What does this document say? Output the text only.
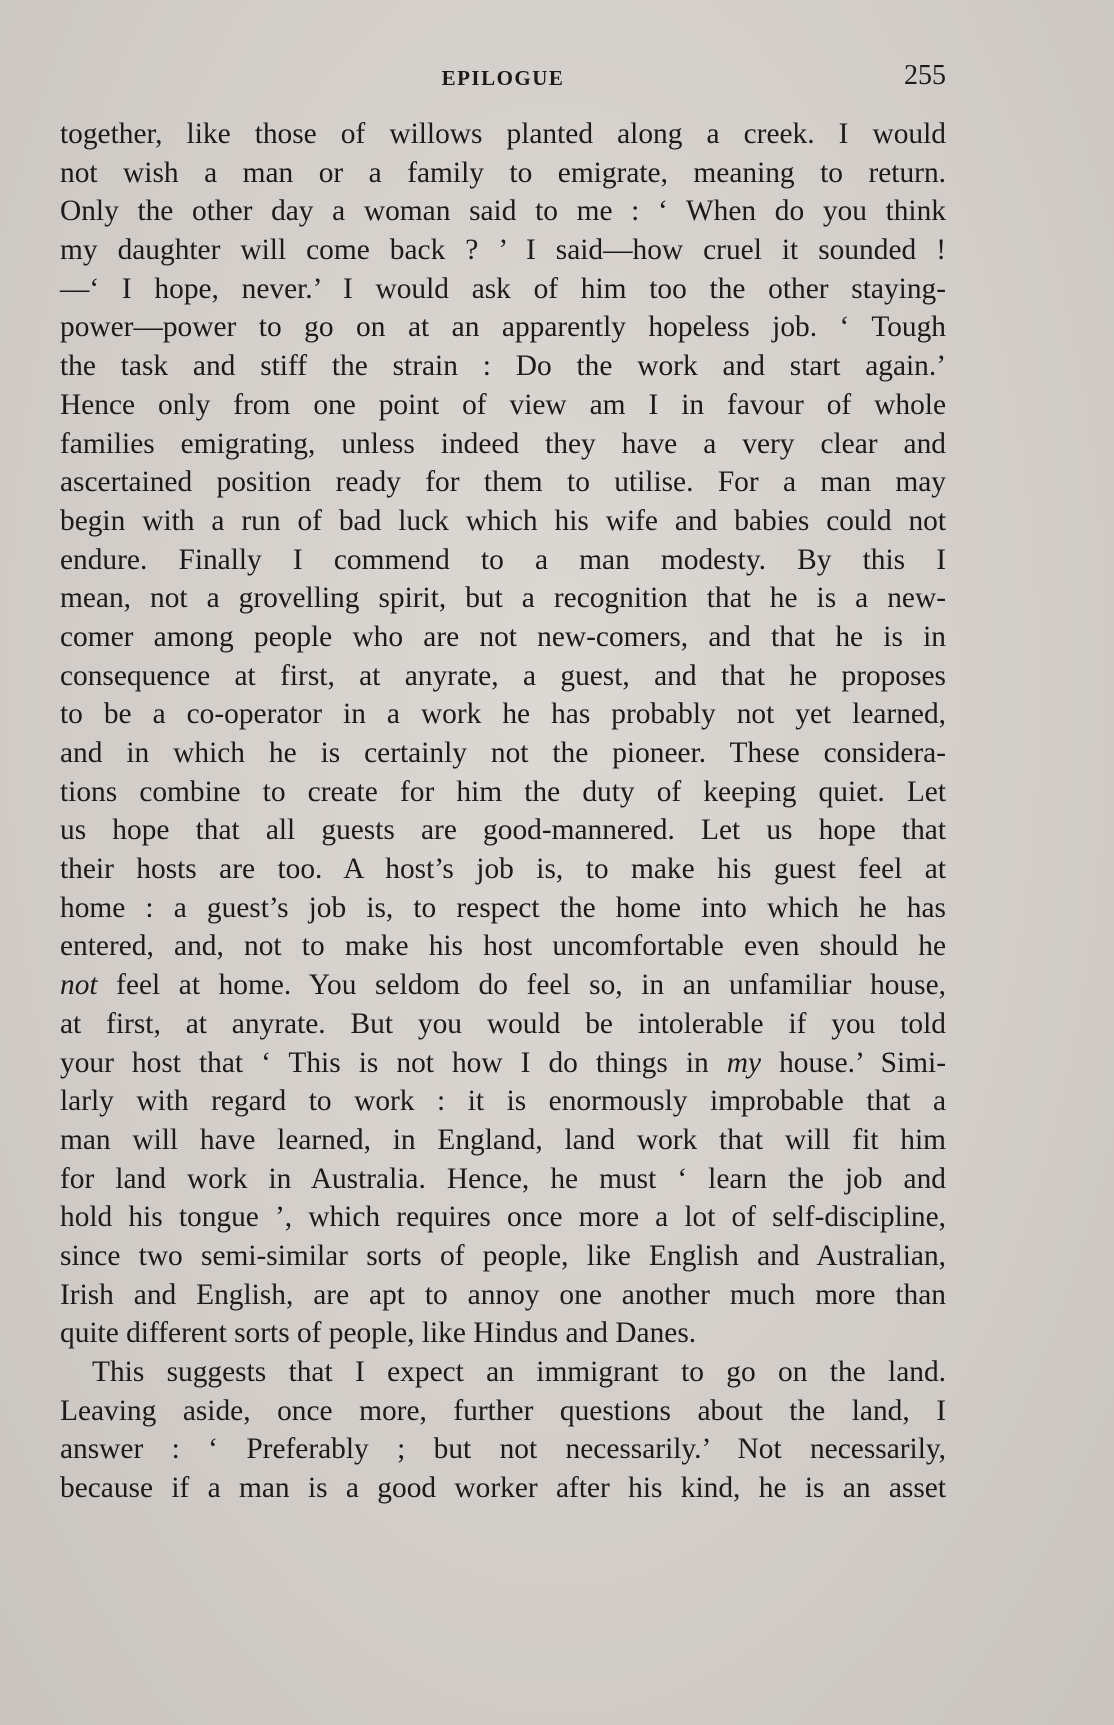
EPILOGUE	255
together, like those of willows planted along a creek. I would
not wish a man or a family to emigrate, meaning to return.
Only the other day a woman said to me : ‘ When do you think
my daughter will come back ? ’ I said—how cruel it sounded !
—‘ I hope, never.’ I would ask of him too the other staying-
power—power to go on at an apparently hopeless job. ‘ Tough
the task and stiff the strain : Do the work and start again.’
Hence only from one point of view am I in favour of whole
families emigrating, unless indeed they have a very clear and
ascertained position ready for them to utilise. For a man may
begin with a run of bad luck which his wife and babies could not
endure. Finally I commend to a man modesty. By this I
mean, not a grovelling spirit, but a recognition that he is a new-
comer among people who are not new-comers, and that he is in
consequence at first, at anyrate, a guest, and that he proposes
to be a co-operator in a work he has probably not yet learned,
and in which he is certainly not the pioneer. These considera-
tions combine to create for him the duty of keeping quiet. Let
us hope that all guests are good-mannered. Let us hope that
their hosts are too. A host’s job is, to make his guest feel at
home : a guest’s job is, to respect the home into which he has
entered, and, not to make his host uncomfortable even should he
not feel at home. You seldom do feel so, in an unfamiliar house,
at first, at anyrate. But you would be intolerable if you told
your host that ‘ This is not how I do things in my house.’ Simi-
larly with regard to work : it is enormously improbable that a
man will have learned, in England, land work that will fit him
for land work in Australia. Hence, he must ‘ learn the job and
hold his tongue ’, which requires once more a lot of self-discipline,
since two semi-similar sorts of people, like English and Australian,
Irish and English, are apt to annoy one another much more than
quite different sorts of people, like Hindus and Danes.
This suggests that I expect an immigrant to go on the land.
Leaving aside, once more, further questions about the land, I
answer : ‘ Preferably ; but not necessarily.’ Not necessarily,
because if a man is a good worker after his kind, he is an asset
